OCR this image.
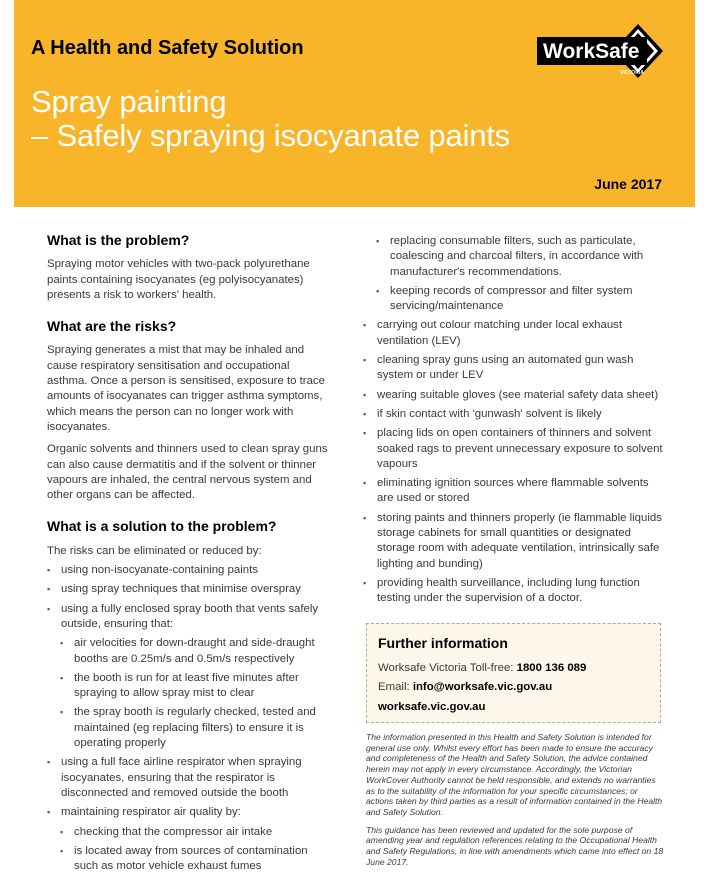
A Health and Safety Solution
Spray painting
– Safely spraying isocyanate paints
June 2017
WorkSafe
VICTORIA
What is the problem?

Spraying motor vehicles with two-pack polyurethane paints containing isocyanates (eg polyisocyanates) presents a risk to workers' health.

What are the risks?

Spraying generates a mist that may be inhaled and cause respiratory sensitisation and occupational asthma. Once a person is sensitised, exposure to trace amounts of isocyanates can trigger asthma symptoms, which means the person can no longer work with isocyanates.

Organic solvents and thinners used to clean spray guns can also cause dermatitis and if the solvent or thinner vapours are inhaled, the central nervous system and other organs can be affected.

What is a solution to the problem?

The risks can be eliminated or reduced by:

▪ using non-isocyanate-containing paints
▪ using spray techniques that minimise overspray
▪ using a fully enclosed spray booth that vents safely outside, ensuring that:
▪ air velocities for down-draught and side-draught booths are 0.25m/s and 0.5m/s respectively
▪ the booth is run for at least five minutes after spraying to allow spray mist to clear
▪ the spray booth is regularly checked, tested and maintained (eg replacing filters) to ensure it is operating properly
▪ using a full face airline respirator when spraying isocyanates, ensuring that the respirator is disconnected and removed outside the booth
▪ maintaining respirator air quality by:
▪ checking that the compressor air intake
▪ is located away from sources of contamination such as motor vehicle exhaust fumes
▪ replacing consumable filters, such as particulate, coalescing and charcoal filters, in accordance with manufacturer's recommendations.
▪ keeping records of compressor and filter system servicing/maintenance
▪ carrying out colour matching under local exhaust ventilation (LEV)
▪ cleaning spray guns using an automated gun wash system or under LEV
▪ wearing suitable gloves (see material safety data sheet)
▪ if skin contact with 'gunwash' solvent is likely
▪ placing lids on open containers of thinners and solvent soaked rags to prevent unnecessary exposure to solvent vapours
▪ eliminating ignition sources where flammable solvents are used or stored
▪ storing paints and thinners properly (ie flammable liquids storage cabinets for small quantities or designated storage room with adequate ventilation, intrinsically safe lighting and bunding)
▪ providing health surveillance, including lung function testing under the supervision of a doctor.
Further information
Worksafe Victoria Toll-free: 1800 136 089
Email: info@worksafe.vic.gov.au
worksafe.vic.gov.au

The information presented in this Health and Safety Solution is intended for general use only. Whilst every effort has been made to ensure the accuracy and completeness of the Health and Safety Solution, the advice contained herein may not apply in every circumstance. Accordingly, the Victorian WorkCover Authority cannot be held responsible, and extends no warranties as to the suitability of the information for your specific circumstances; or actions taken by third parties as a result of information contained in the Health and Safety Solution.

This guidance has been reviewed and updated for the sole purpose of amending year and regulation references relating to the Occupational Health and Safety Regulations, in line with amendments which came into effect on 18 June 2017.
